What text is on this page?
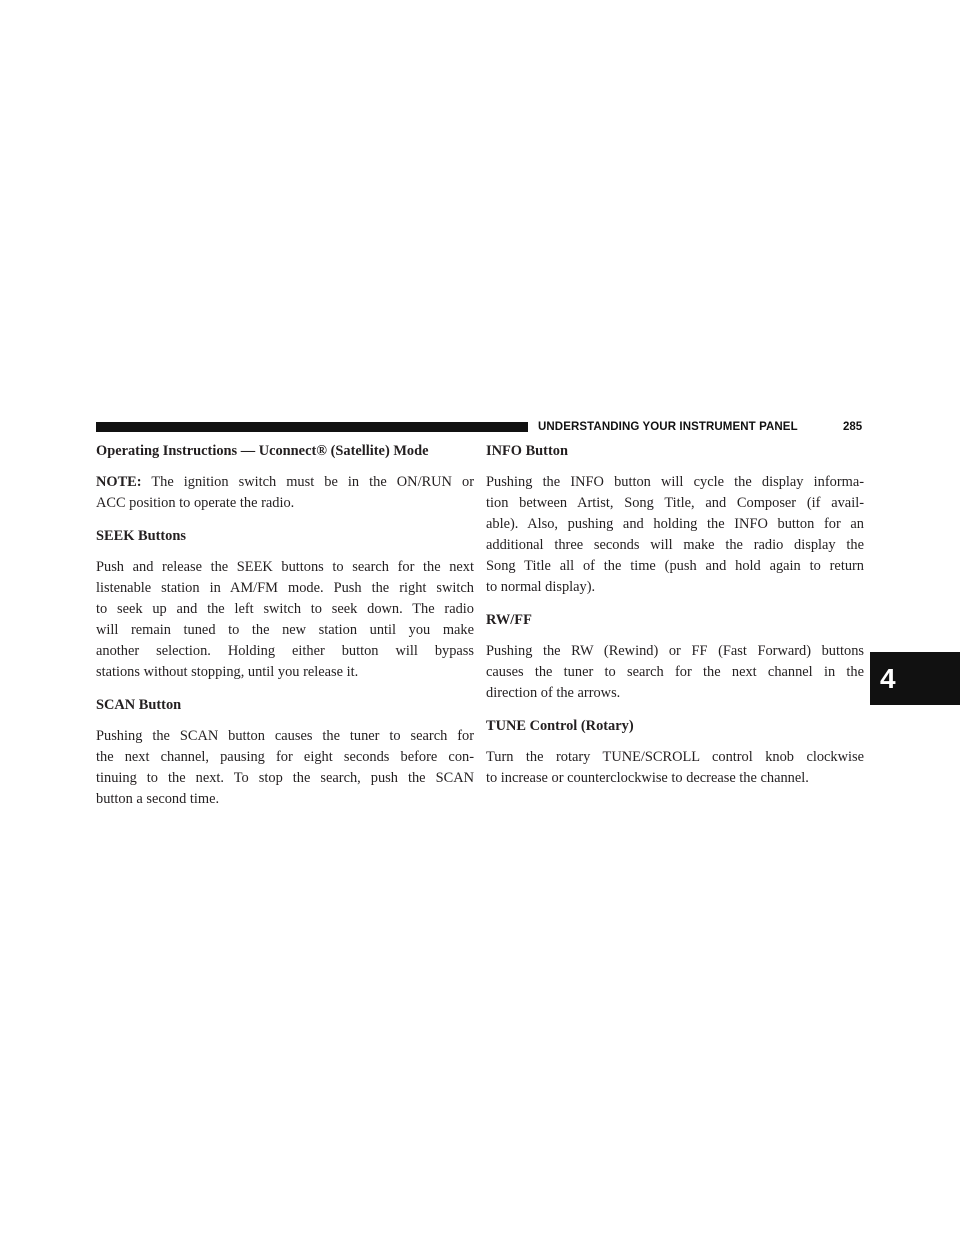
UNDERSTANDING YOUR INSTRUMENT PANEL	285
4
Operating Instructions — Uconnect® (Satellite) Mode
NOTE: The ignition switch must be in the ON/RUN or
ACC position to operate the radio.
SEEK Buttons
Push and release the SEEK buttons to search for the next
listenable station in AM/FM mode. Push the right switch
to seek up and the left switch to seek down. The radio
will remain tuned to the new station until you make
another selection. Holding either button will bypass
stations without stopping, until you release it.
SCAN Button
Pushing the SCAN button causes the tuner to search for
the next channel, pausing for eight seconds before con-
tinuing to the next. To stop the search, push the SCAN
button a second time.
INFO Button
Pushing the INFO button will cycle the display informa-
tion between Artist, Song Title, and Composer (if avail-
able). Also, pushing and holding the INFO button for an
additional three seconds will make the radio display the
Song Title all of the time (push and hold again to return
to normal display).
RW/FF
Pushing the RW (Rewind) or FF (Fast Forward) buttons
causes the tuner to search for the next channel in the
direction of the arrows.
TUNE Control (Rotary)
Turn the rotary TUNE/SCROLL control knob clockwise
to increase or counterclockwise to decrease the channel.
